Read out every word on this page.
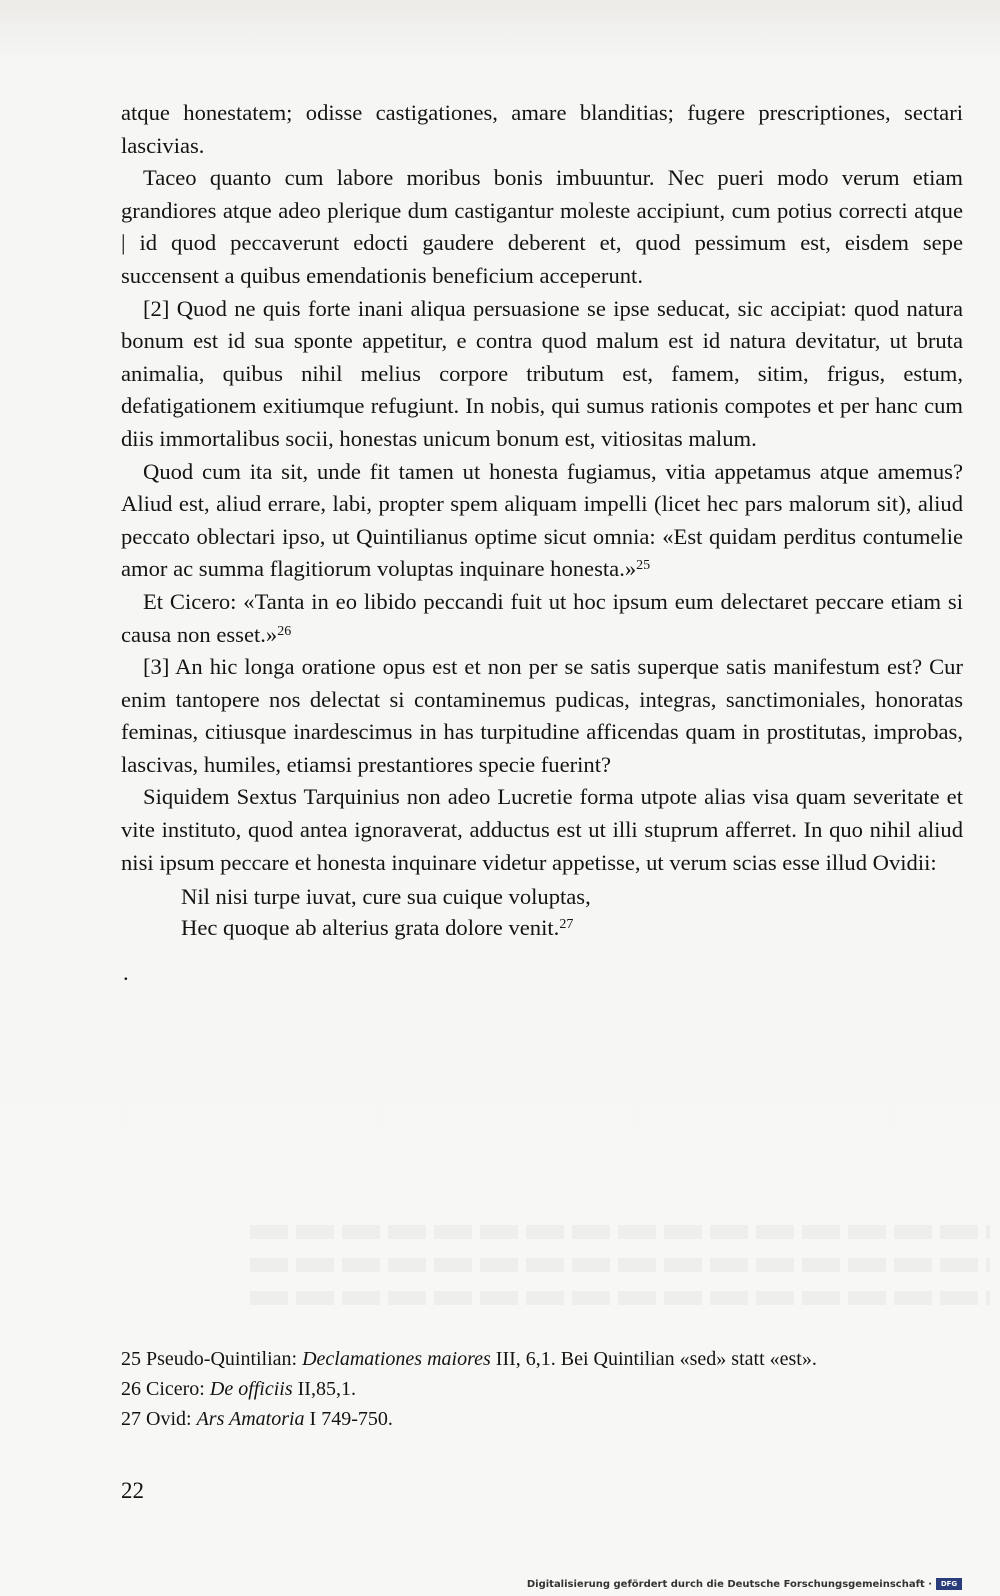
atque honestatem; odisse castigationes, amare blanditias; fugere prescriptiones, sectari lascivias.

Taceo quanto cum labore moribus bonis imbuuntur. Nec pueri modo verum etiam grandiores atque adeo plerique dum castigantur moleste accipiunt, cum potius correcti atque | id quod peccaverunt edocti gaudere deberent et, quod pessimum est, eisdem sepe succensent a quibus emendationis beneficium acceperunt.

[2] Quod ne quis forte inani aliqua persuasione se ipse seducat, sic accipiat: quod natura bonum est id sua sponte appetitur, e contra quod malum est id natura devitatur, ut bruta animalia, quibus nihil melius corpore tributum est, famem, sitim, frigus, estum, defatigationem exitiumque refugiunt. In nobis, qui sumus rationis compotes et per hanc cum diis immortalibus socii, honestas unicum bonum est, vitiositas malum.

Quod cum ita sit, unde fit tamen ut honesta fugiamus, vitia appetamus atque amemus? Aliud est, aliud errare, labi, propter spem aliquam impelli (licet hec pars malorum sit), aliud peccato oblectari ipso, ut Quintilianus optime sicut omnia: «Est quidam perditus contumelie amor ac summa flagitiorum voluptas inquinare honesta.»$^{25}$

Et Cicero: «Tanta in eo libido peccandi fuit ut hoc ipsum eum delectaret peccare etiam si causa non esset.»$^{26}$

[3] An hic longa oratione opus est et non per se satis superque satis manifestum est? Cur enim tantopere nos delectat si contaminemus pudicas, integras, sanctimoniales, honoratas feminas, citiusque inardescimus in has turpitudine afficendas quam in prostitutas, improbas, lascivas, humiles, etiamsi prestantiores specie fuerint?

Siquidem Sextus Tarquinius non adeo Lucretie forma utpote alias visa quam severitate et vite instituto, quod antea ignoraverat, adductus est ut illi stuprum afferret. In quo nihil aliud nisi ipsum peccare et honesta inquinare videtur appetisse, ut verum scias esse illud Ovidii:

Nil nisi turpe iuvat, cure sua cuique voluptas,
Hec quoque ab alterius grata dolore venit.$^{27}$
.
25 Pseudo-Quintilian: Declamationes maiores III, 6,1. Bei Quintilian «sed» statt «est».
26 Cicero: De officiis II,85,1.
27 Ovid: Ars Amatoria I 749-750.
22
Digitalisierung gefördert durch die Deutsche Forschungsgemeinschaft ·	DFG
